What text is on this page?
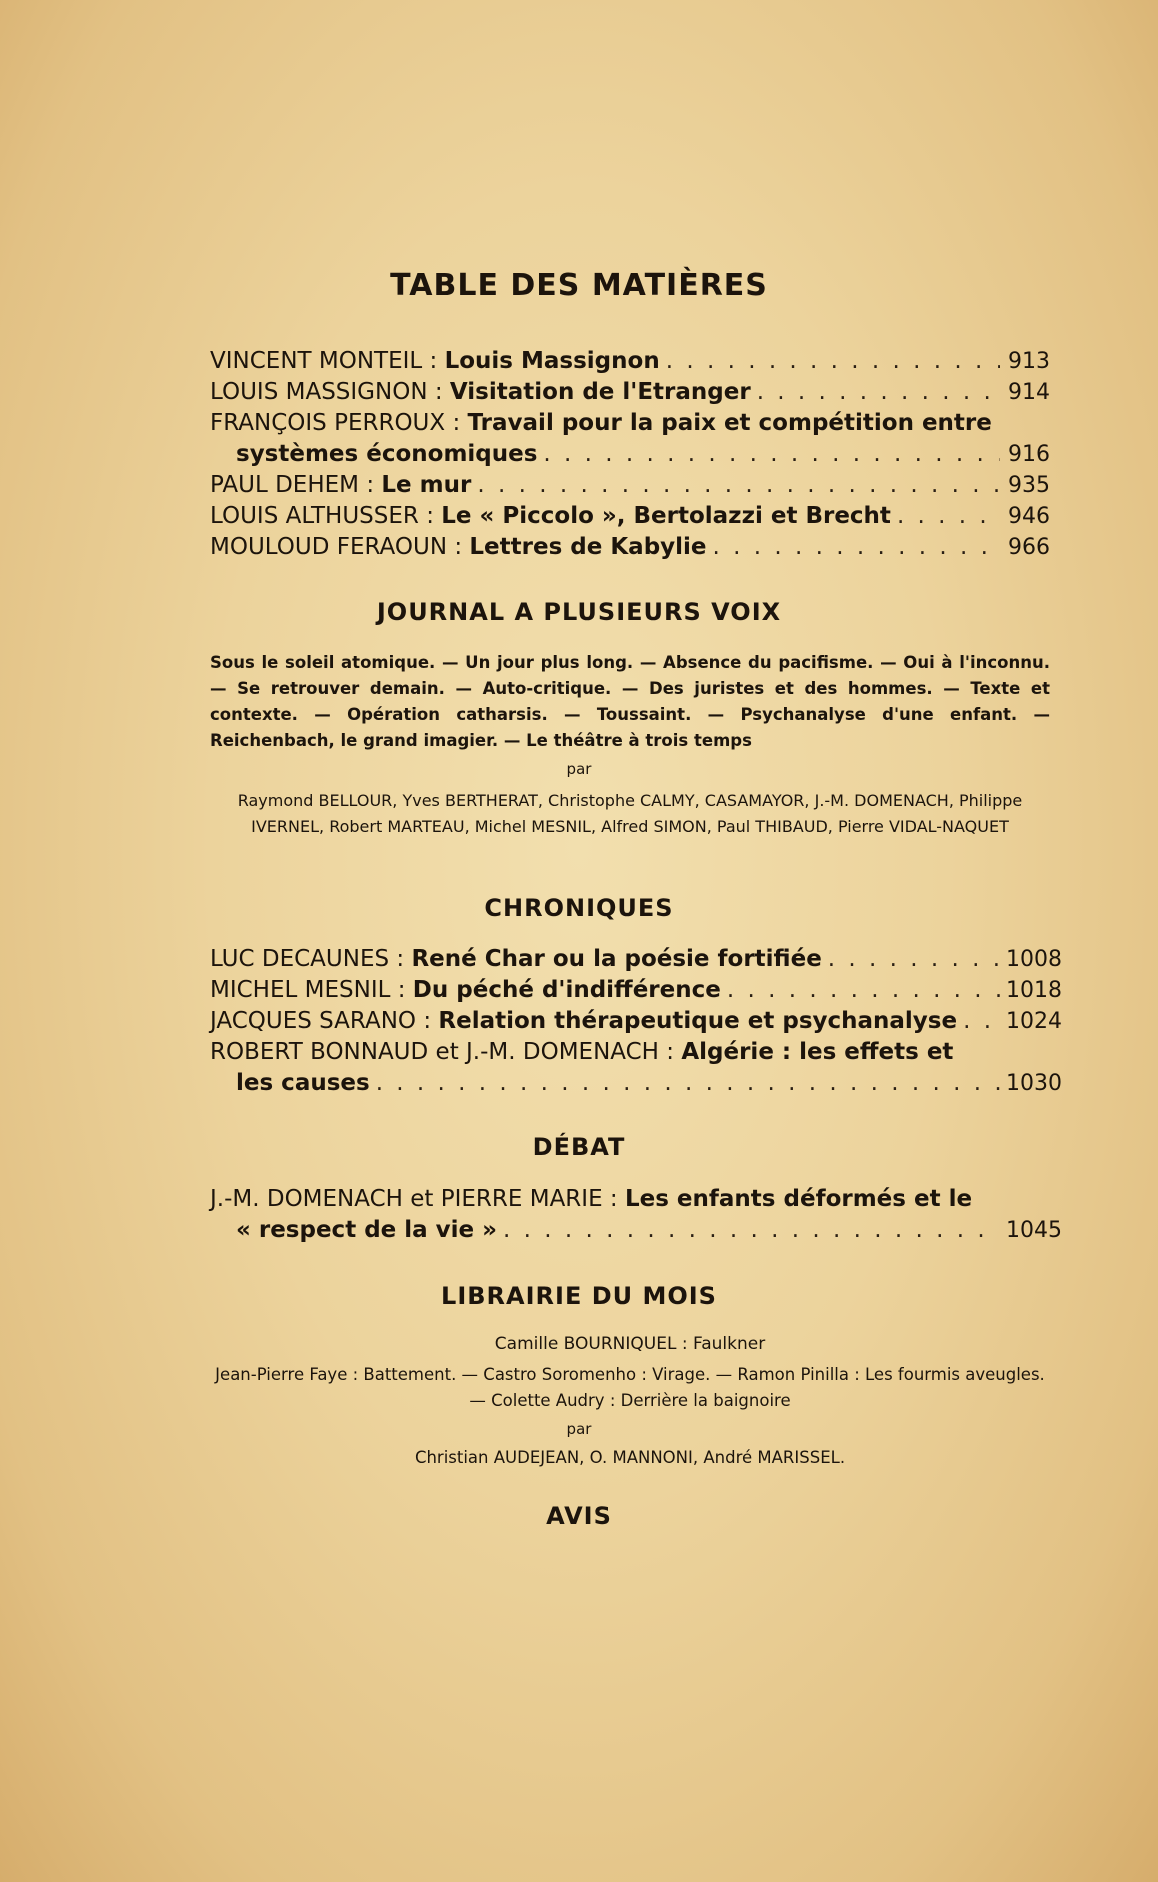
TABLE DES MATIÈRES
VINCENT MONTEIL : Louis Massignon . . .	913
LOUIS MASSIGNON : Visitation de l'Etranger . . .	914
FRANÇOIS PERROUX : Travail pour la paix et compétition entre
systèmes économiques . . .	916
PAUL DEHEM : Le mur . . .	935
LOUIS ALTHUSSER : Le « Piccolo », Bertolazzi et Brecht . . .	946
MOULOUD FERAOUN : Lettres de Kabylie . . .	966
JOURNAL A PLUSIEURS VOIX
Sous le soleil atomique. — Un jour plus long. — Absence du pacifisme. — Oui à l'inconnu. — Se retrouver demain. — Auto-critique. — Des juristes et des hommes. — Texte et contexte. — Opération catharsis. — Toussaint. — Psychanalyse d'une enfant. — Reichenbach, le grand imagier. — Le théâtre à trois temps
par
Raymond BELLOUR, Yves BERTHERAT, Christophe CALMY, CASAMAYOR, J.-M. DOMENACH, Philippe IVERNEL, Robert MARTEAU, Michel MESNIL, Alfred SIMON, Paul THIBAUD, Pierre VIDAL-NAQUET
CHRONIQUES
LUC DECAUNES : René Char ou la poésie fortifiée . . .	1008
MICHEL MESNIL : Du péché d'indifférence . . .	1018
JACQUES SARANO : Relation thérapeutique et psychanalyse . . . 1024
ROBERT BONNAUD et J.-M. DOMENACH : Algérie : les effets et
les causes . . .	1030
DÉBAT
J.-M. DOMENACH et PIERRE MARIE : Les enfants déformés et le
« respect de la vie » . . .	1045
LIBRAIRIE DU MOIS
Camille BOURNIQUEL : Faulkner
Jean-Pierre Faye : Battement. — Castro Soromenho : Virage. — Ramon Pinilla : Les fourmis aveugles. — Colette Audry : Derrière la baignoire
par
Christian AUDEJEAN, O. MANNONI, André MARISSEL.
AVIS
